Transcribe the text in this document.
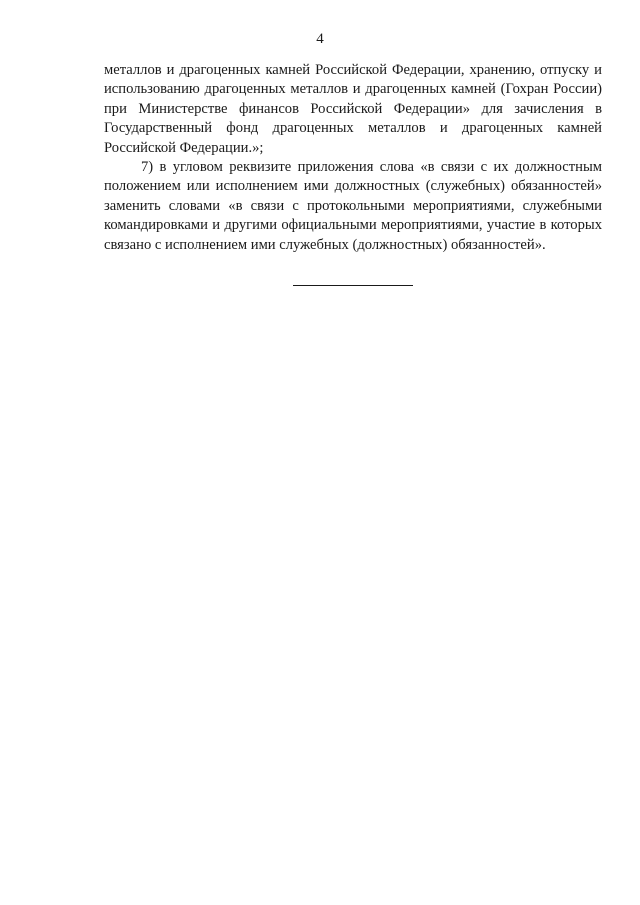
4

металлов и драгоценных камней Российской Федерации, хранению, отпуску и использованию драгоценных металлов и драгоценных камней (Гохран России) при Министерстве финансов Российской Федерации» для зачисления в Государственный фонд драгоценных металлов и драгоценных камней Российской Федерации.»;

7) в угловом реквизите приложения слова «в связи с их должностным положением или исполнением ими должностных (служебных) обязанностей» заменить словами «в связи с протокольными мероприятиями, служебными командировками и другими официальными мероприятиями, участие в которых связано с исполнением ими служебных (должностных) обязанностей».
